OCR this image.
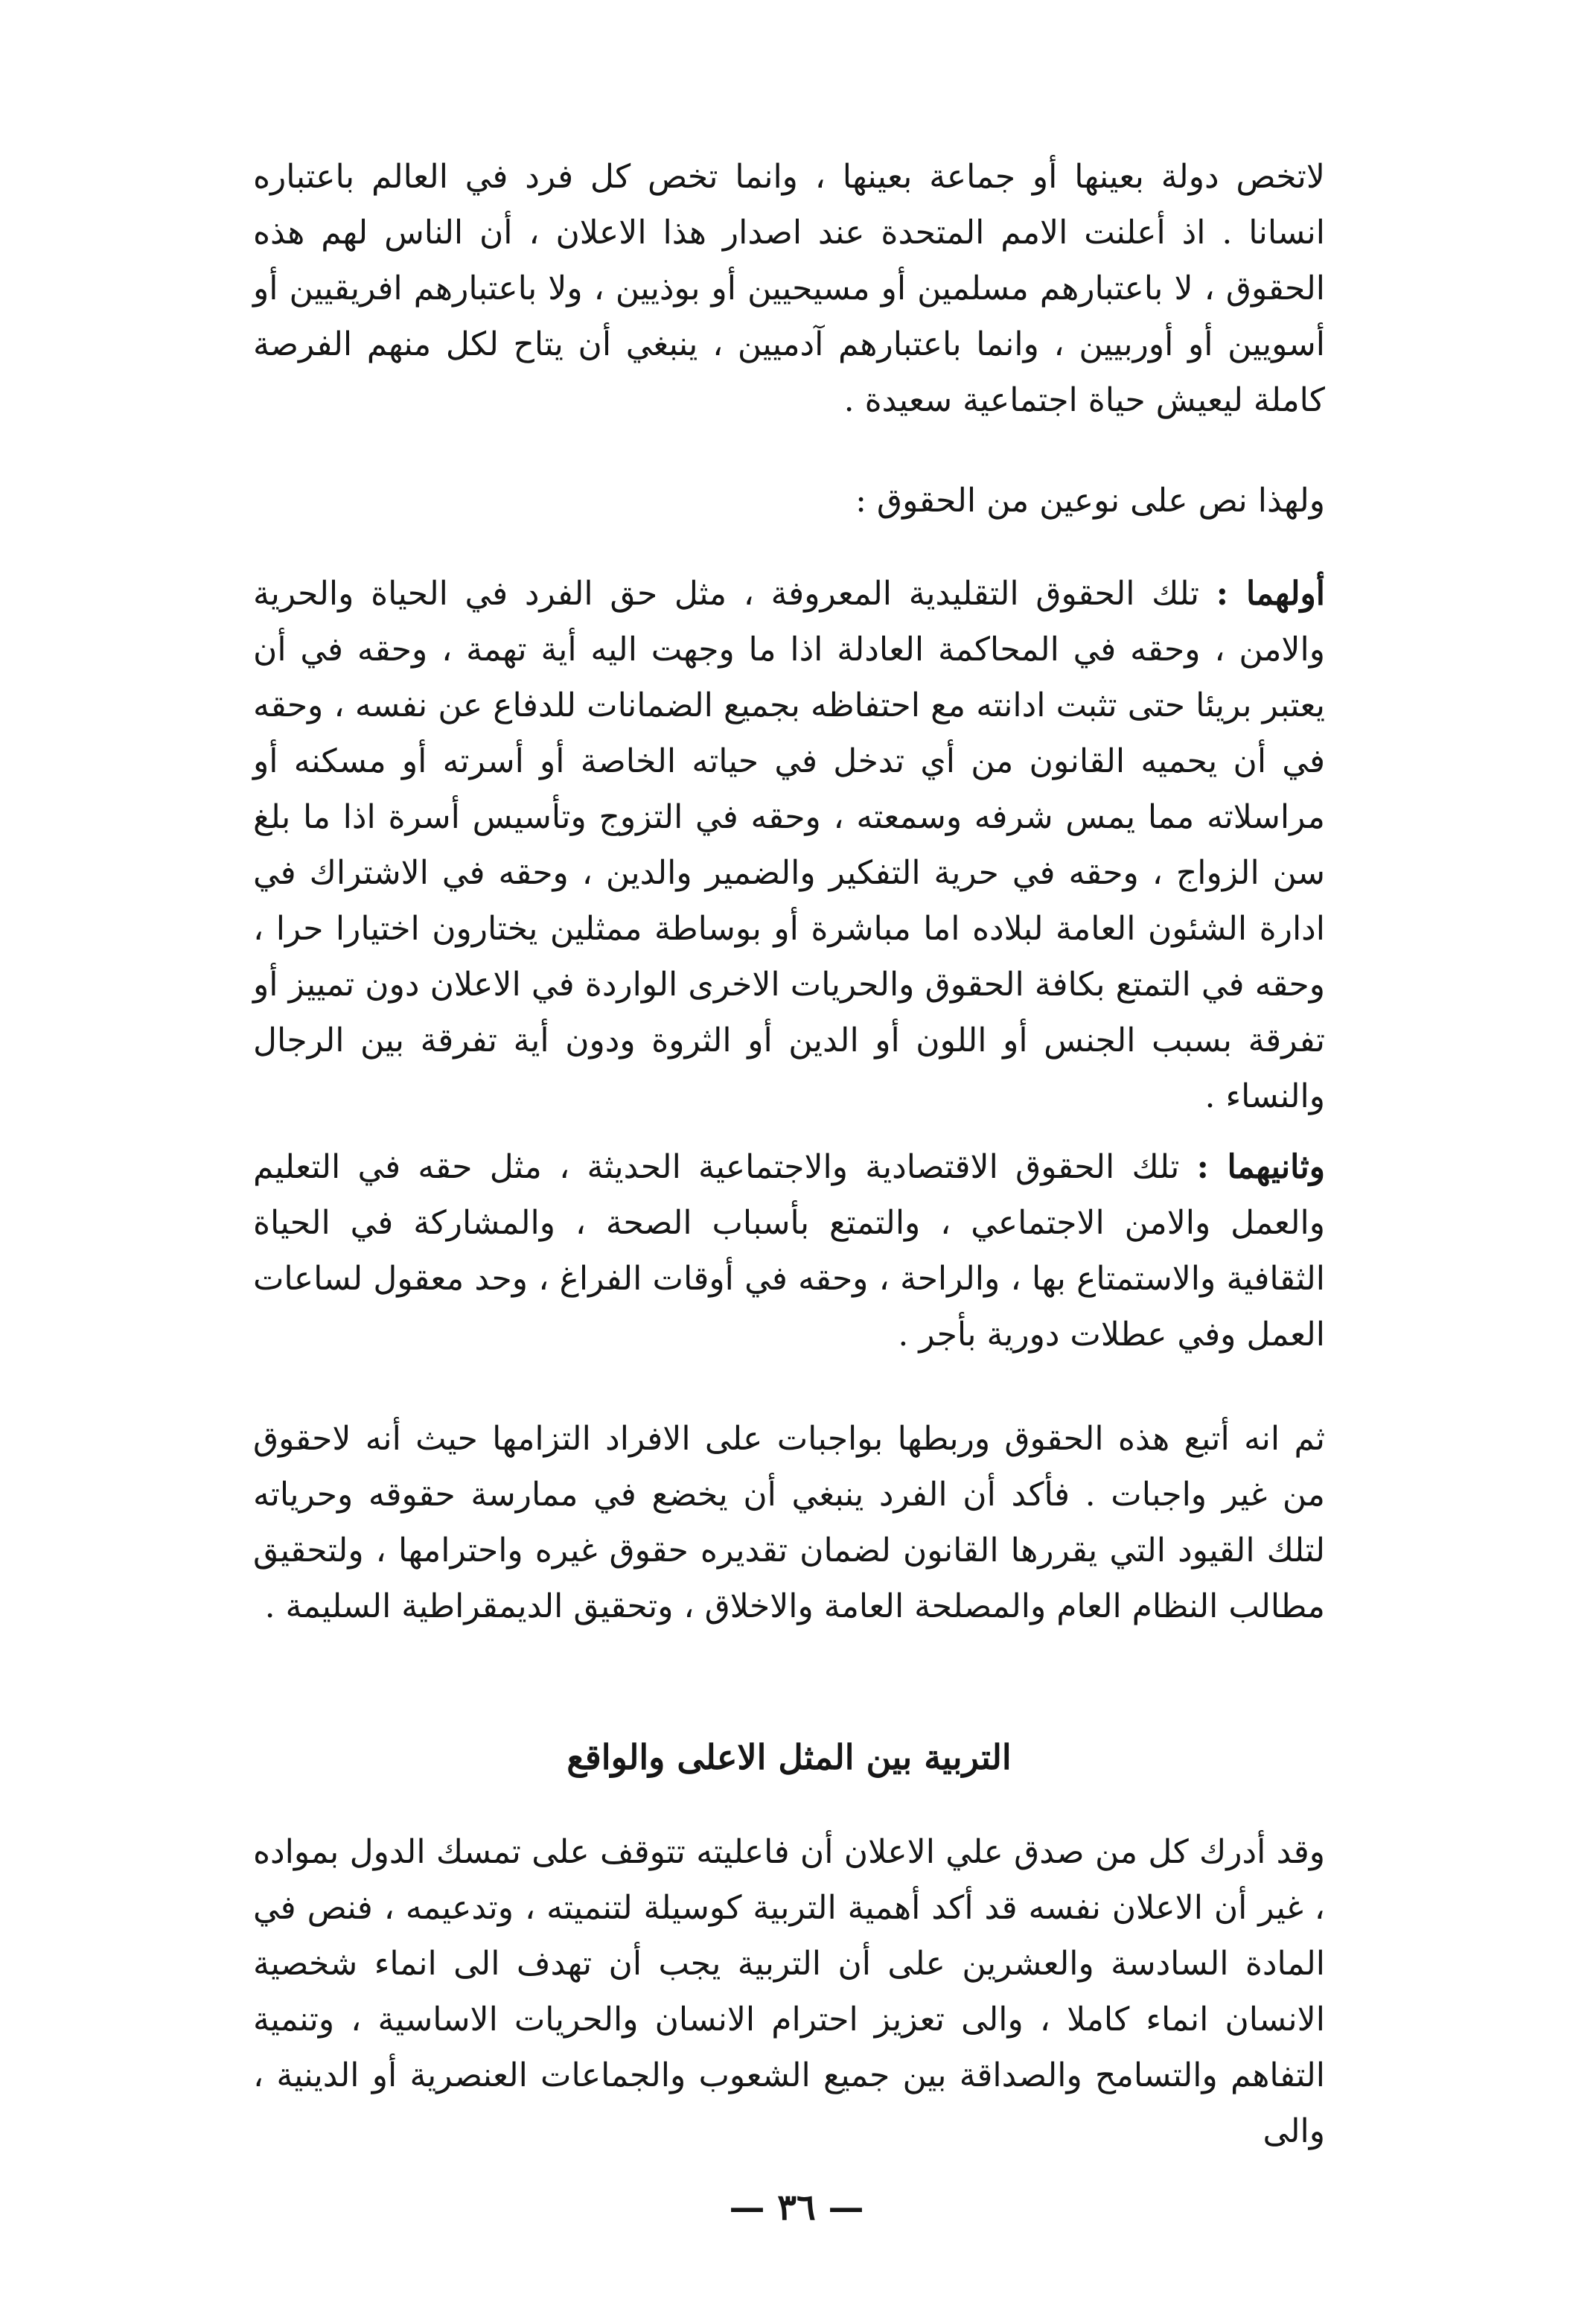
لاتخص دولة بعينها أو جماعة بعينها ، وانما تخص كل فرد في العالم باعتباره انسانا . اذ أعلنت الامم المتحدة عند اصدار هذا الاعلان ، أن الناس لهم هذه الحقوق ، لا باعتبارهم مسلمين أو مسيحيين أو بوذيين ، ولا باعتبارهم افريقيين أو أسويين أو أوربيين ، وانما باعتبارهم آدميين ، ينبغي أن يتاح لكل منهم الفرصة كاملة ليعيش حياة اجتماعية سعيدة .

ولهذا نص على نوعين من الحقوق :

أولهما : تلك الحقوق التقليدية المعروفة ، مثل حق الفرد في الحياة والحرية والامن ، وحقه في المحاكمة العادلة اذا ما وجهت اليه أية تهمة ، وحقه في أن يعتبر بريئا حتى تثبت ادانته مع احتفاظه بجميع الضمانات للدفاع عن نفسه ، وحقه في أن يحميه القانون من أي تدخل في حياته الخاصة أو أسرته أو مسكنه أو مراسلاته مما يمس شرفه وسمعته ، وحقه في التزوج وتأسيس أسرة اذا ما بلغ سن الزواج ، وحقه في حرية التفكير والضمير والدين ، وحقه في الاشتراك في ادارة الشئون العامة لبلاده اما مباشرة أو بوساطة ممثلين يختارون اختيارا حرا ، وحقه في التمتع بكافة الحقوق والحريات الاخرى الواردة في الاعلان دون تمييز أو تفرقة بسبب الجنس أو اللون أو الدين أو الثروة ودون أية تفرقة بين الرجال والنساء .

وثانيهما : تلك الحقوق الاقتصادية والاجتماعية الحديثة ، مثل حقه في التعليم والعمل والامن الاجتماعي ، والتمتع بأسباب الصحة ، والمشاركة في الحياة الثقافية والاستمتاع بها ، والراحة ، وحقه في أوقات الفراغ ، وحد معقول لساعات العمل وفي عطلات دورية بأجر .

ثم انه أتبع هذه الحقوق وربطها بواجبات على الافراد التزامها حيث أنه لاحقوق من غير واجبات . فأكد أن الفرد ينبغي أن يخضع في ممارسة حقوقه وحرياته لتلك القيود التي يقررها القانون لضمان تقديره حقوق غيره واحترامها ، ولتحقيق مطالب النظام العام والمصلحة العامة والاخلاق ، وتحقيق الديمقراطية السليمة .

التربية بين المثل الاعلى والواقع

وقد أدرك كل من صدق علي الاعلان أن فاعليته تتوقف على تمسك الدول بمواده ، غير أن الاعلان نفسه قد أكد أهمية التربية كوسيلة لتنميته ، وتدعيمه ، فنص في المادة السادسة والعشرين على أن التربية يجب أن تهدف الى انماء شخصية الانسان انماء كاملا ، والى تعزيز احترام الانسان والحريات الاساسية ، وتنمية التفاهم والتسامح والصداقة بين جميع الشعوب والجماعات العنصرية أو الدينية ، والى

— ٣٦ —
